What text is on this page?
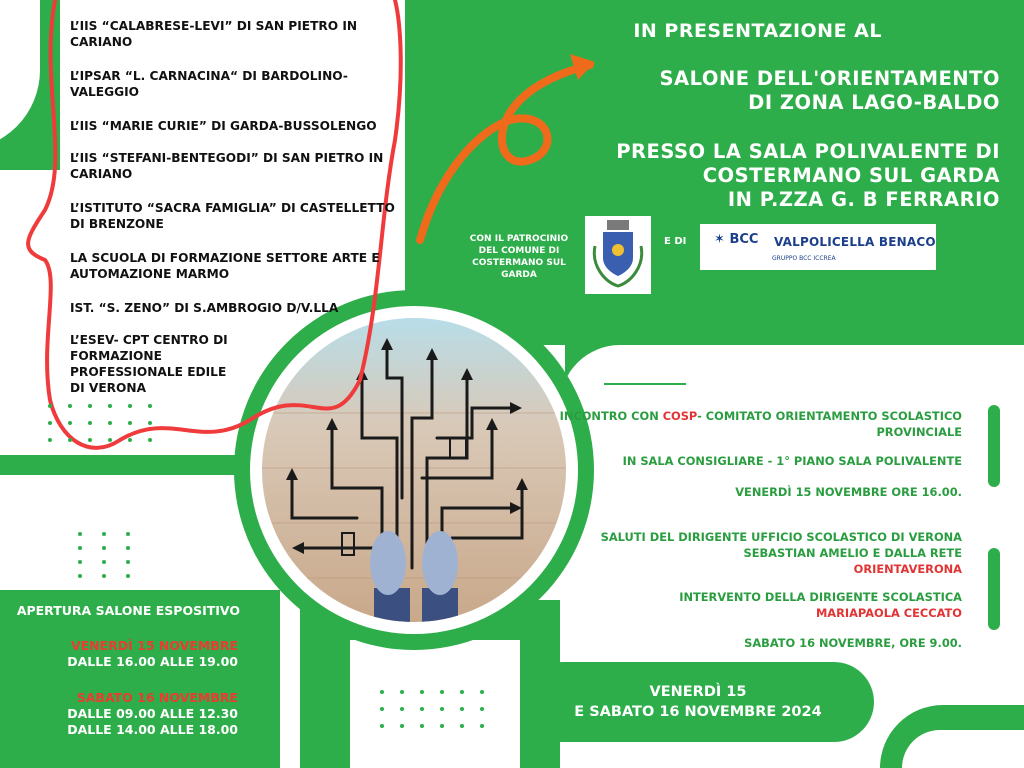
L’IIS “CALABRESE-LEVI” DI SAN PIETRO IN CARIANO
L’IPSAR “L. CARNACINA“ DI BARDOLINO-VALEGGIO
L’IIS “MARIE CURIE” DI GARDA-BUSSOLENGO
L’IIS “STEFANI-BENTEGODI” DI SAN PIETRO IN CARIANO
L’ISTITUTO “SACRA FAMIGLIA” DI CASTELLETTO DI BRENZONE
LA SCUOLA DI FORMAZIONE SETTORE ARTE E AUTOMAZIONE MARMO
IST. “S. ZENO” DI S.AMBROGIO D/V.LLA
L’ESEV- CPT CENTRO DI FORMAZIONE PROFESSIONALE EDILE DI VERONA
IN PRESENTAZIONE AL
SALONE DELL'ORIENTAMENTO
DI ZONA LAGO-BALDO
PRESSO LA SALA POLIVALENTE DI
COSTERMANO SUL GARDA
IN P.ZZA G. B FERRARIO
CON IL PATROCINIO DEL COMUNE DI COSTERMANO SUL GARDA
E DI ✶ BCC VALPOLICELLA BENACO
GRUPPO BCC ICCREA
INCONTRO CON COSP- COMITATO ORIENTAMENTO SCOLASTICO PROVINCIALE
IN SALA CONSIGLIARE - 1° PIANO SALA POLIVALENTE
VENERDÌ 15 NOVEMBRE ORE 16.00.
SALUTI DEL DIRIGENTE UFFICIO SCOLASTICO DI VERONA SEBASTIAN AMELIO E DALLA RETE
ORIENTAVERONA
INTERVENTO DELLA DIRIGENTE SCOLASTICA
MARIAPAOLA CECCATO
SABATO 16 NOVEMBRE, ORE 9.00.
VENERDÌ 15
E SABATO 16 NOVEMBRE 2024
APERTURA SALONE ESPOSITIVO
VENERDÌ 15 NOVEMBRE
DALLE 16.00 ALLE 19.00
SABATO 16 NOVEMBRE
DALLE 09.00 ALLE 12.30
DALLE 14.00 ALLE 18.00
